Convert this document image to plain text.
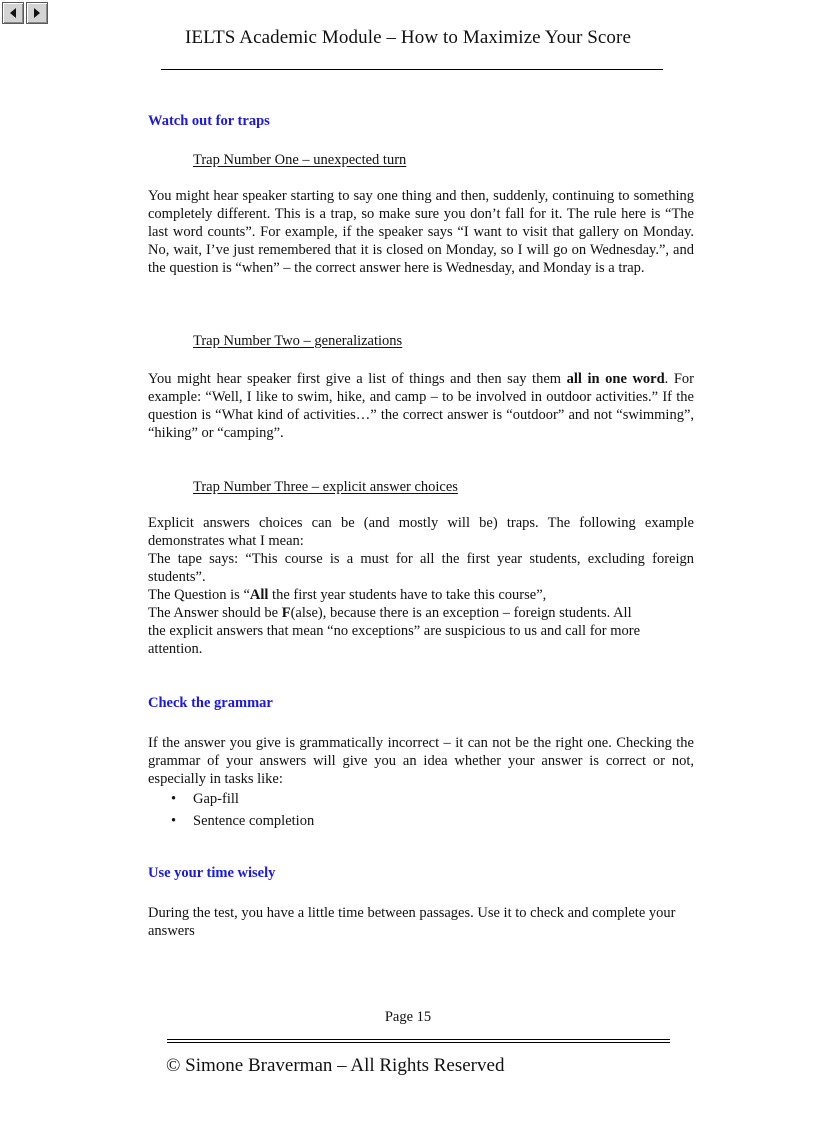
IELTS Academic Module – How to Maximize Your Score
Watch out for traps
Trap Number One – unexpected turn

You might hear speaker starting to say one thing and then, suddenly, continuing to something completely different. This is a trap, so make sure you don’t fall for it. The rule here is “The last word counts”. For example, if the speaker says “I want to visit that gallery on Monday. No, wait, I’ve just remembered that it is closed on Monday, so I will go on Wednesday.”, and the question is “when” – the correct answer here is Wednesday, and Monday is a trap.

Trap Number Two – generalizations

You might hear speaker first give a list of things and then say them all in one word. For example: “Well, I like to swim, hike, and camp – to be involved in outdoor activities.” If the question is “What kind of activities…” the correct answer is “outdoor” and not “swimming”, “hiking” or “camping”.

Trap Number Three – explicit answer choices

Explicit answers choices can be (and mostly will be) traps. The following example demonstrates what I mean:

The tape says: “This course is a must for all the first year students, excluding foreign students”.

The Question is “All the first year students have to take this course”,

The Answer should be F(alse), because there is an exception – foreign students. All

the explicit answers that mean “no exceptions” are suspicious to us and call for more

attention.

Check the grammar

If the answer you give is grammatically incorrect – it can not be the right one. Checking the grammar of your answers will give you an idea whether your answer is correct or not, especially in tasks like:

• Gap-fill
• Sentence completion
Use your time wisely

During the test, you have a little time between passages. Use it to check and complete your answers

Page 15
© Simone Braverman – All Rights Reserved
